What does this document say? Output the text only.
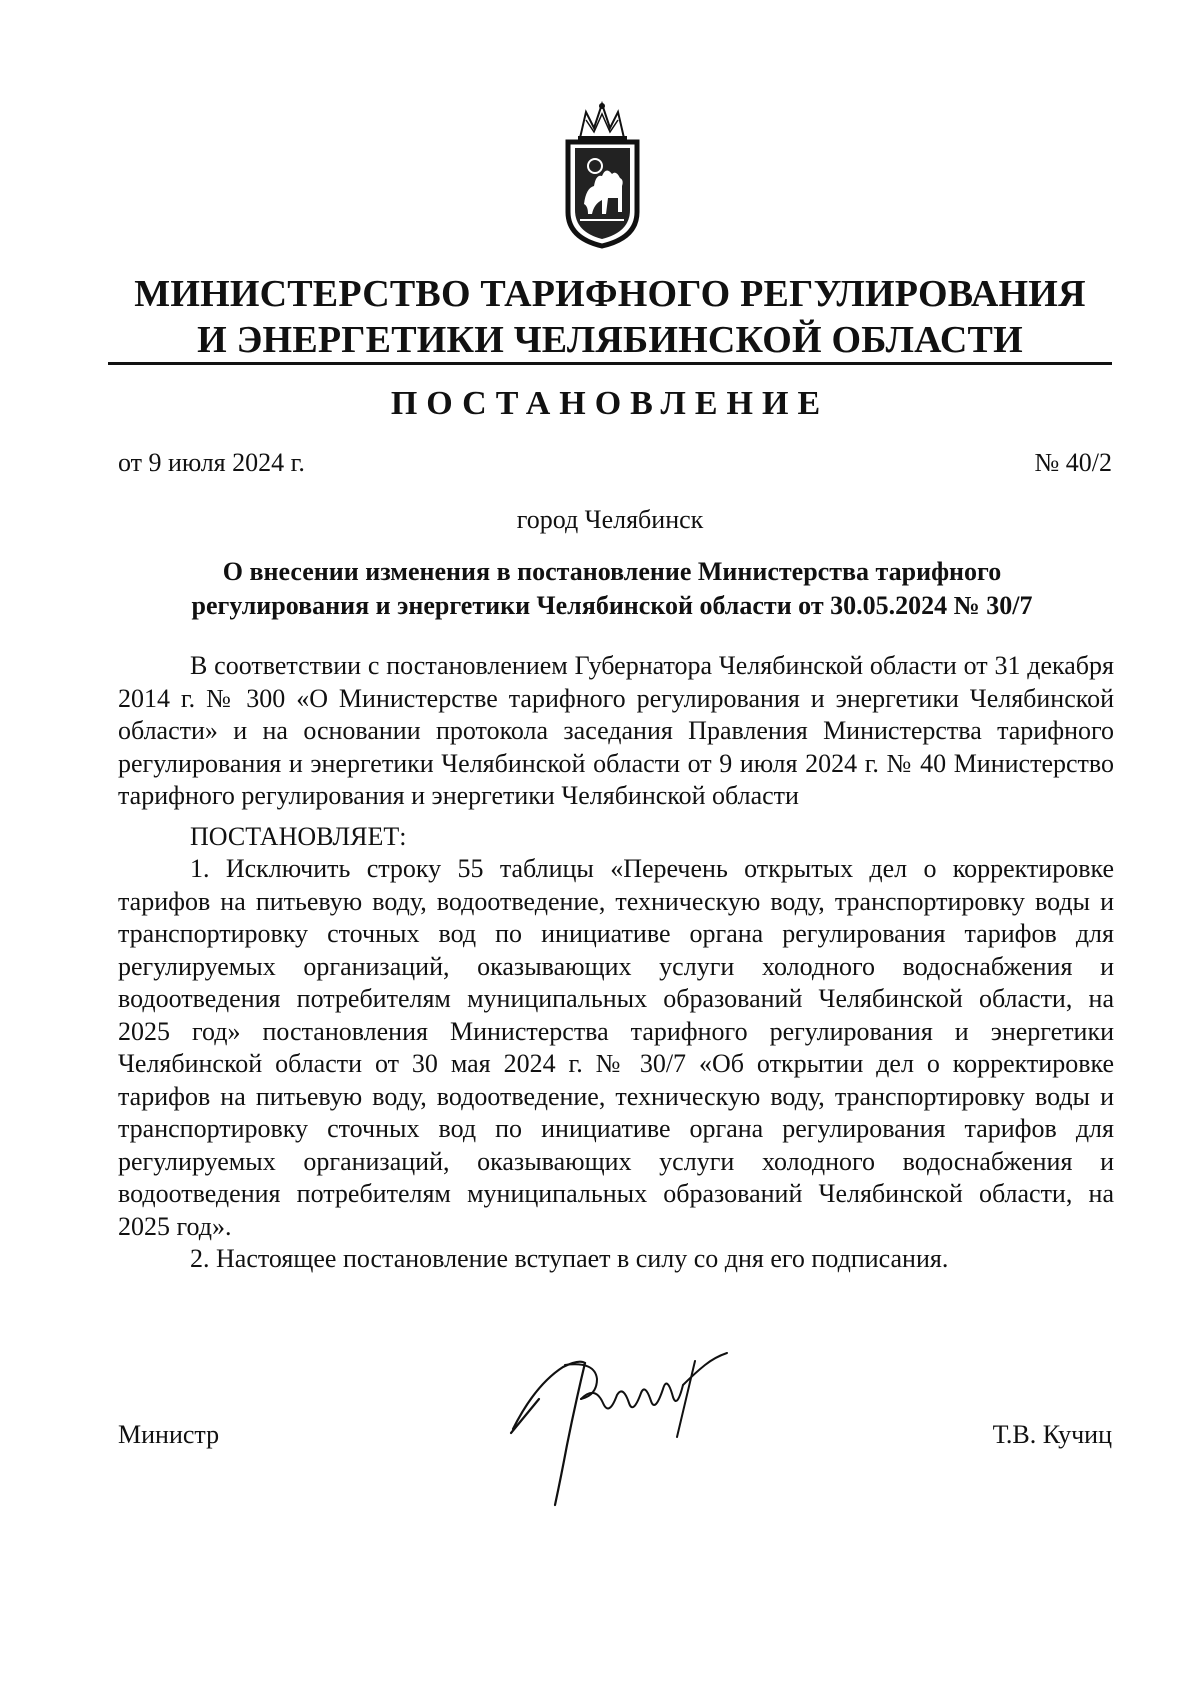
МИНИСТЕРСТВО ТАРИФНОГО РЕГУЛИРОВАНИЯ
И ЭНЕРГЕТИКИ ЧЕЛЯБИНСКОЙ ОБЛАСТИ
ПОСТАНОВЛЕНИЕ
от 9 июля 2024 г.	№ 40/2
город Челябинск
О внесении изменения в постановление Министерства тарифного регулирования и энергетики Челябинской области от 30.05.2024 № 30/7

В соответствии с постановлением Губернатора Челябинской области от 31 декабря 2014 г. № 300 «О Министерстве тарифного регулирования и энергетики Челябинской области» и на основании протокола заседания Правления Министерства тарифного регулирования и энергетики Челябинской области от 9 июля 2024 г. № 40 Министерство тарифного регулирования и энергетики Челябинской области

ПОСТАНОВЛЯЕТ:

1. Исключить строку 55 таблицы «Перечень открытых дел о корректировке тарифов на питьевую воду, водоотведение, техническую воду, транспортировку воды и транспортировку сточных вод по инициативе органа регулирования тарифов для регулируемых организаций, оказывающих услуги холодного водоснабжения и водоотведения потребителям муниципальных образований Челябинской области, на 2025 год» постановления Министерства тарифного регулирования и энергетики Челябинской области от 30 мая 2024 г. № 30/7 «Об открытии дел о корректировке тарифов на питьевую воду, водоотведение, техническую воду, транспортировку воды и транспортировку сточных вод по инициативе органа регулирования тарифов для регулируемых организаций, оказывающих услуги холодного водоснабжения и водоотведения потребителям муниципальных образований Челябинской области, на 2025 год».

2. Настоящее постановление вступает в силу со дня его подписания.

Министр	Т.В. Кучиц
